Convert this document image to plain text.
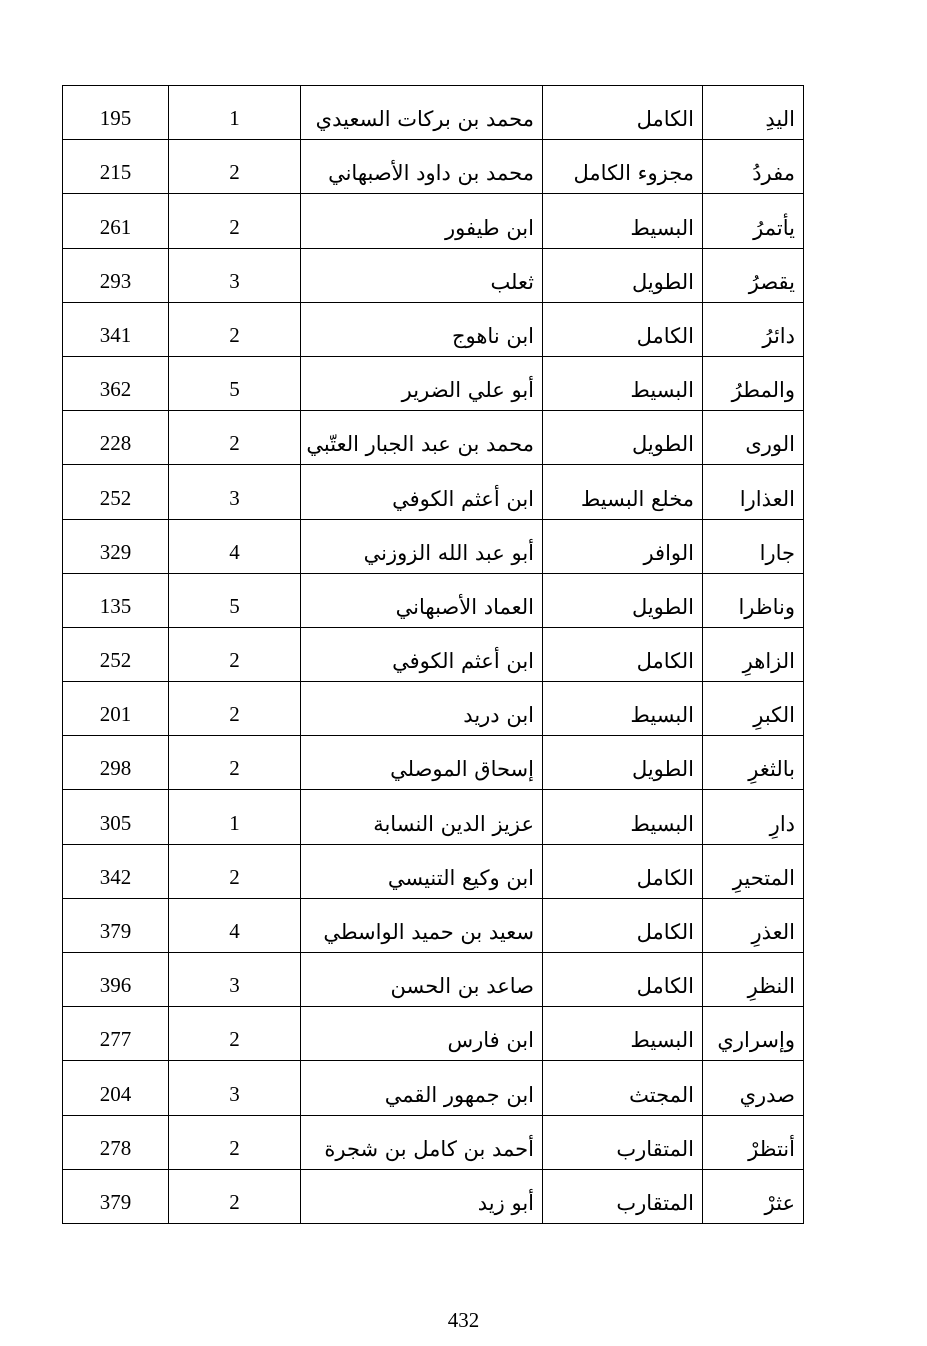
195	1	محمد بن بركات السعيدي	الكامل	اليدِ
215	2	محمد بن داود الأصبهاني	مجزوء الكامل	مفردُ
261	2	ابن طيفور	البسيط	يأتمرُ
293	3	ثعلب	الطويل	يقصرُ
341	2	ابن ناهوج	الكامل	دائرُ
362	5	أبو علي الضرير	البسيط	والمطرُ
228	2	محمد بن عبد الجبار العتّبي	الطويل	الورى
252	3	ابن أعثم الكوفي	مخلع البسيط	العذارا
329	4	أبو عبد الله الزوزني	الوافر	جارا
135	5	العماد الأصبهاني	الطويل	وناظرا
252	2	ابن أعثم الكوفي	الكامل	الزاهرِ
201	2	ابن دريد	البسيط	الكبرِ
298	2	إسحاق الموصلي	الطويل	بالثغرِ
305	1	عزيز الدين النسابة	البسيط	دارِ
342	2	ابن وكيع التنيسي	الكامل	المتحيرِ
379	4	سعيد بن حميد الواسطي	الكامل	العذرِ
396	3	صاعد بن الحسن	الكامل	النظرِ
277	2	ابن فارس	البسيط	وإسراري
204	3	ابن جمهور القمي	المجتث	صدري
278	2	أحمد بن كامل بن شجرة	المتقارب	أنتظرْ
379	2	أبو زيد	المتقارب	عثرْ
432
